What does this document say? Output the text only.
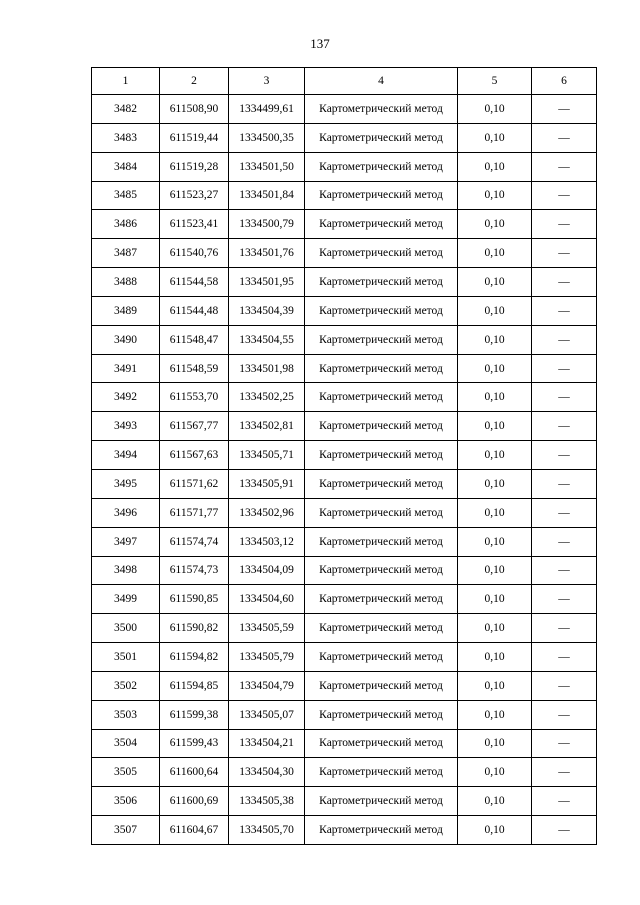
137
1	2	3	4	5	6
3482	611508,90	1334499,61	Картометрический метод	0,10	—
3483	611519,44	1334500,35	Картометрический метод	0,10	—
3484	611519,28	1334501,50	Картометрический метод	0,10	—
3485	611523,27	1334501,84	Картометрический метод	0,10	—
3486	611523,41	1334500,79	Картометрический метод	0,10	—
3487	611540,76	1334501,76	Картометрический метод	0,10	—
3488	611544,58	1334501,95	Картометрический метод	0,10	—
3489	611544,48	1334504,39	Картометрический метод	0,10	—
3490	611548,47	1334504,55	Картометрический метод	0,10	—
3491	611548,59	1334501,98	Картометрический метод	0,10	—
3492	611553,70	1334502,25	Картометрический метод	0,10	—
3493	611567,77	1334502,81	Картометрический метод	0,10	—
3494	611567,63	1334505,71	Картометрический метод	0,10	—
3495	611571,62	1334505,91	Картометрический метод	0,10	—
3496	611571,77	1334502,96	Картометрический метод	0,10	—
3497	611574,74	1334503,12	Картометрический метод	0,10	—
3498	611574,73	1334504,09	Картометрический метод	0,10	—
3499	611590,85	1334504,60	Картометрический метод	0,10	—
3500	611590,82	1334505,59	Картометрический метод	0,10	—
3501	611594,82	1334505,79	Картометрический метод	0,10	—
3502	611594,85	1334504,79	Картометрический метод	0,10	—
3503	611599,38	1334505,07	Картометрический метод	0,10	—
3504	611599,43	1334504,21	Картометрический метод	0,10	—
3505	611600,64	1334504,30	Картометрический метод	0,10	—
3506	611600,69	1334505,38	Картометрический метод	0,10	—
3507	611604,67	1334505,70	Картометрический метод	0,10	—
